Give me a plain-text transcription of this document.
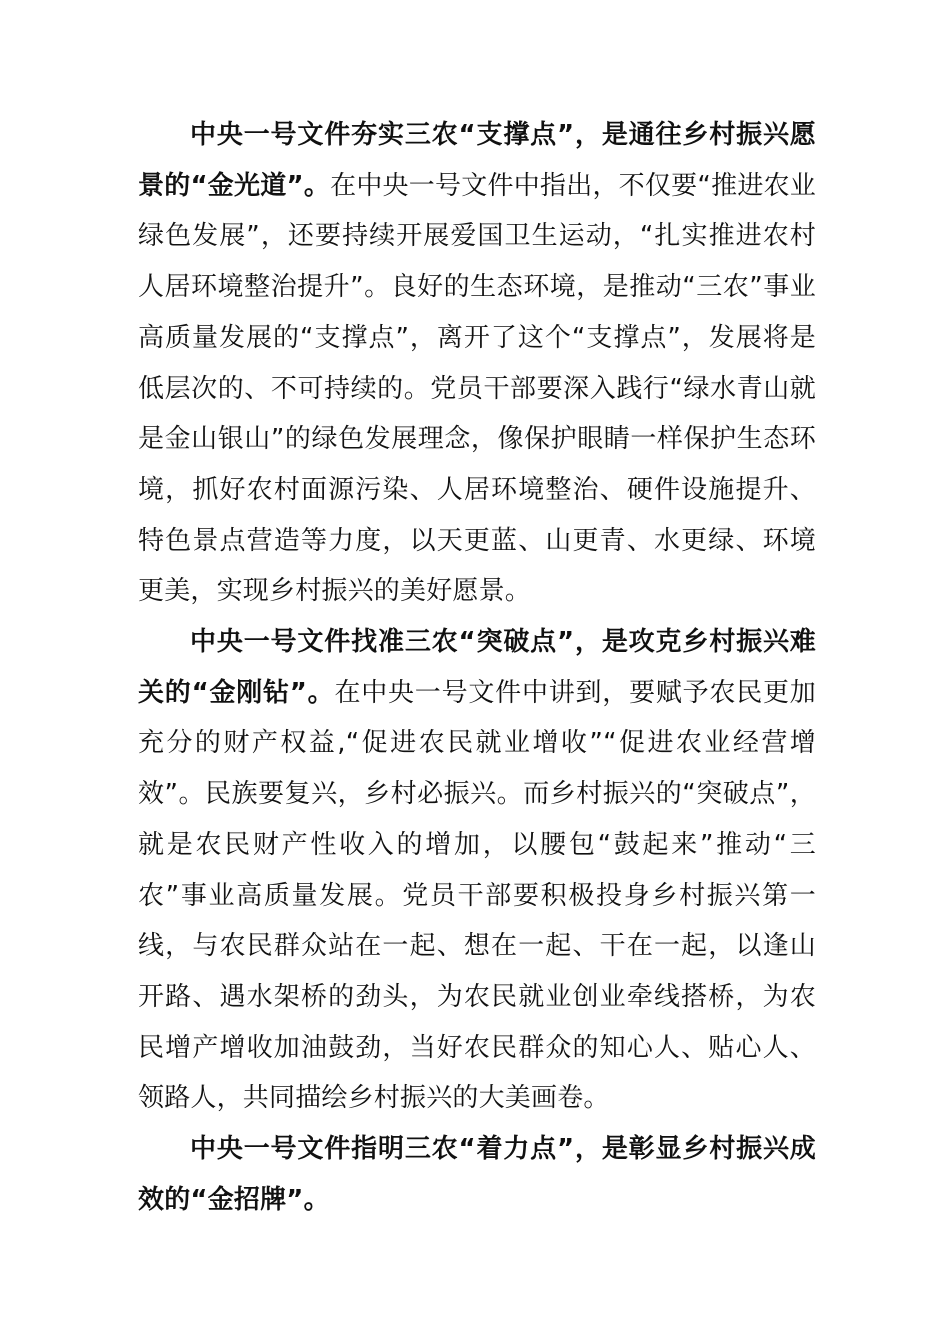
中央一号文件夯实三农“支撑点”，是通往乡村振兴愿景的“金光道”。在中央一号文件中指出，不仅要“推进农业绿色发展”，还要持续开展爱国卫生运动，“扎实推进农村人居环境整治提升”。良好的生态环境，是推动“三农”事业高质量发展的“支撑点”，离开了这个“支撑点”，发展将是低层次的、不可持续的。党员干部要深入践行“绿水青山就是金山银山”的绿色发展理念，像保护眼睛一样保护生态环境，抓好农村面源污染、人居环境整治、硬件设施提升、特色景点营造等力度，以天更蓝、山更青、水更绿、环境更美，实现乡村振兴的美好愿景。

中央一号文件找准三农“突破点”，是攻克乡村振兴难关的“金刚钻”。在中央一号文件中讲到，要赋予农民更加充分的财产权益,“促进农民就业增收”“促进农业经营增效”。民族要复兴，乡村必振兴。而乡村振兴的“突破点”，就是农民财产性收入的增加，以腰包“鼓起来”推动“三农”事业高质量发展。党员干部要积极投身乡村振兴第一线，与农民群众站在一起、想在一起、干在一起，以逢山开路、遇水架桥的劲头，为农民就业创业牵线搭桥，为农民增产增收加油鼓劲，当好农民群众的知心人、贴心人、领路人，共同描绘乡村振兴的大美画卷。

中央一号文件指明三农“着力点”，是彰显乡村振兴成效的“金招牌”。
